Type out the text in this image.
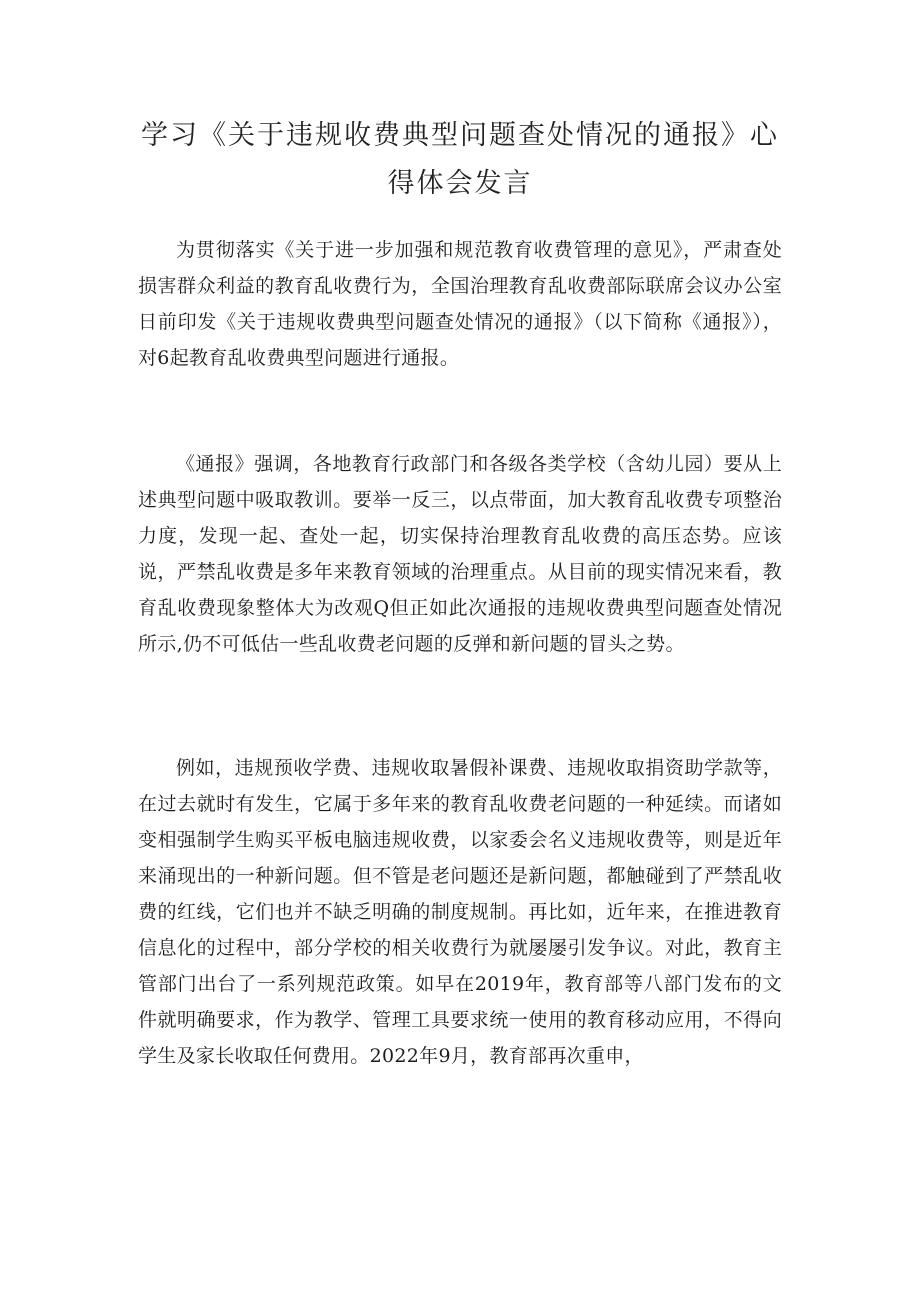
学习《关于违规收费典型问题查处情况的通报》心得体会发言

为贯彻落实《关于进一步加强和规范教育收费管理的意见》，严肃查处损害群众利益的教育乱收费行为，全国治理教育乱收费部际联席会议办公室日前印发《关于违规收费典型问题查处情况的通报》（以下简称《通报》），对6起教育乱收费典型问题进行通报。

《通报》强调，各地教育行政部门和各级各类学校（含幼儿园）要从上述典型问题中吸取教训。要举一反三，以点带面，加大教育乱收费专项整治力度，发现一起、查处一起，切实保持治理教育乱收费的高压态势。应该说，严禁乱收费是多年来教育领域的治理重点。从目前的现实情况来看，教育乱收费现象整体大为改观Q但正如此次通报的违规收费典型问题查处情况所示,仍不可低估一些乱收费老问题的反弹和新问题的冒头之势。

例如，违规预收学费、违规收取暑假补课费、违规收取捐资助学款等，在过去就时有发生，它属于多年来的教育乱收费老问题的一种延续。而诸如变相强制学生购买平板电脑违规收费，以家委会名义违规收费等，则是近年来涌现出的一种新问题。但不管是老问题还是新问题，都触碰到了严禁乱收费的红线，它们也并不缺乏明确的制度规制。再比如，近年来，在推进教育信息化的过程中，部分学校的相关收费行为就屡屡引发争议。对此，教育主管部门出台了一系列规范政策。如早在2019年，教育部等八部门发布的文件就明确要求，作为教学、管理工具要求统一使用的教育移动应用，不得向学生及家长收取任何费用。2022年9月，教育部再次重申，
